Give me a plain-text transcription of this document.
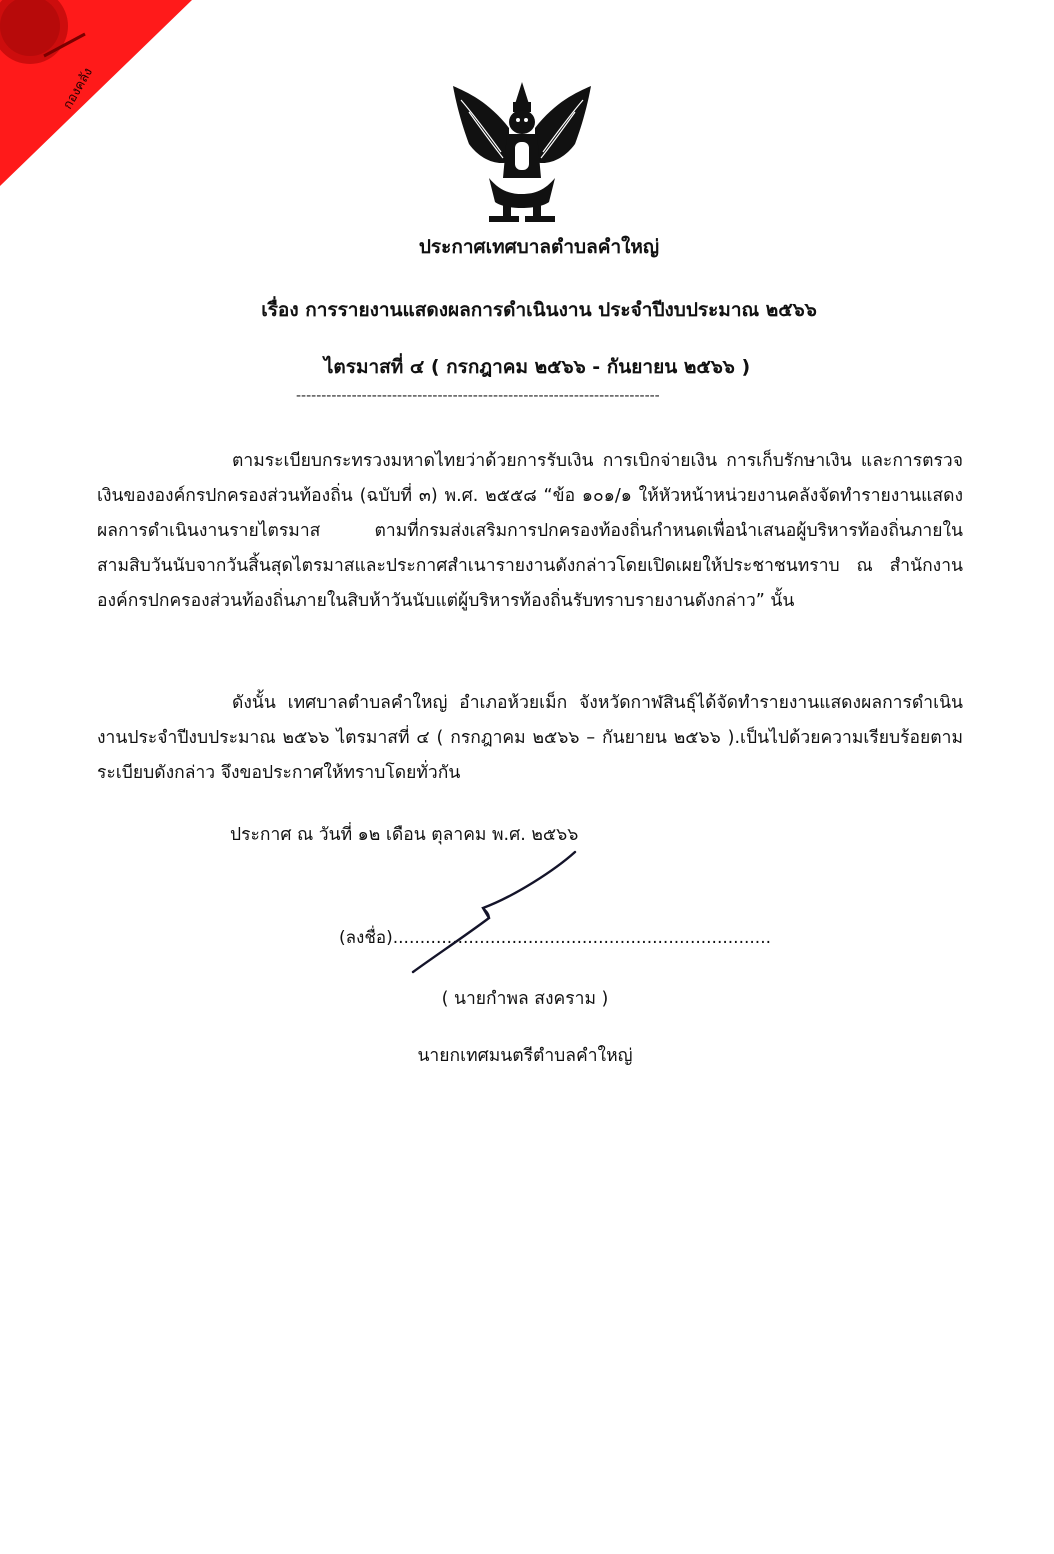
กองคลัง
ประกาศเทศบาลตำบลคำใหญ่
เรื่อง การรายงานแสดงผลการดำเนินงาน ประจำปีงบประมาณ ๒๕๖๖
ไตรมาสที่ ๔ ( กรกฎาคม ๒๕๖๖ - กันยายน ๒๕๖๖ )
------------------------------------------------------------------------
ตามระเบียบกระทรวงมหาดไทยว่าด้วยการรับเงิน การเบิกจ่ายเงิน การเก็บรักษาเงิน และการตรวจเงินขององค์กรปกครองส่วนท้องถิ่น (ฉบับที่ ๓) พ.ศ. ๒๕๕๘ “ข้อ ๑๐๑/๑ ให้หัวหน้าหน่วยงานคลังจัดทำรายงานแสดงผลการดำเนินงานรายไตรมาส ตามที่กรมส่งเสริมการปกครองท้องถิ่นกำหนดเพื่อนำเสนอผู้บริหารท้องถิ่นภายในสามสิบวันนับจากวันสิ้นสุดไตรมาสและประกาศสำเนารายงานดังกล่าวโดยเปิดเผยให้ประชาชนทราบ ณ สำนักงานองค์กรปกครองส่วนท้องถิ่นภายในสิบห้าวันนับแต่ผู้บริหารท้องถิ่นรับทราบรายงานดังกล่าว” นั้น
ดังนั้น เทศบาลตำบลคำใหญ่ อำเภอห้วยเม็ก จังหวัดกาฬสินธุ์ได้จัดทำรายงานแสดงผลการดำเนินงานประจำปีงบประมาณ ๒๕๖๖ ไตรมาสที่ ๔ ( กรกฎาคม ๒๕๖๖ – กันยายน ๒๕๖๖ ).เป็นไปด้วยความเรียบร้อยตามระเบียบดังกล่าว จึงขอประกาศให้ทราบโดยทั่วกัน
ประกาศ ณ วันที่ ๑๒ เดือน ตุลาคม พ.ศ. ๒๕๖๖
(ลงชื่อ)......................................................................
( นายกำพล สงคราม )
นายกเทศมนตรีตำบลคำใหญ่
